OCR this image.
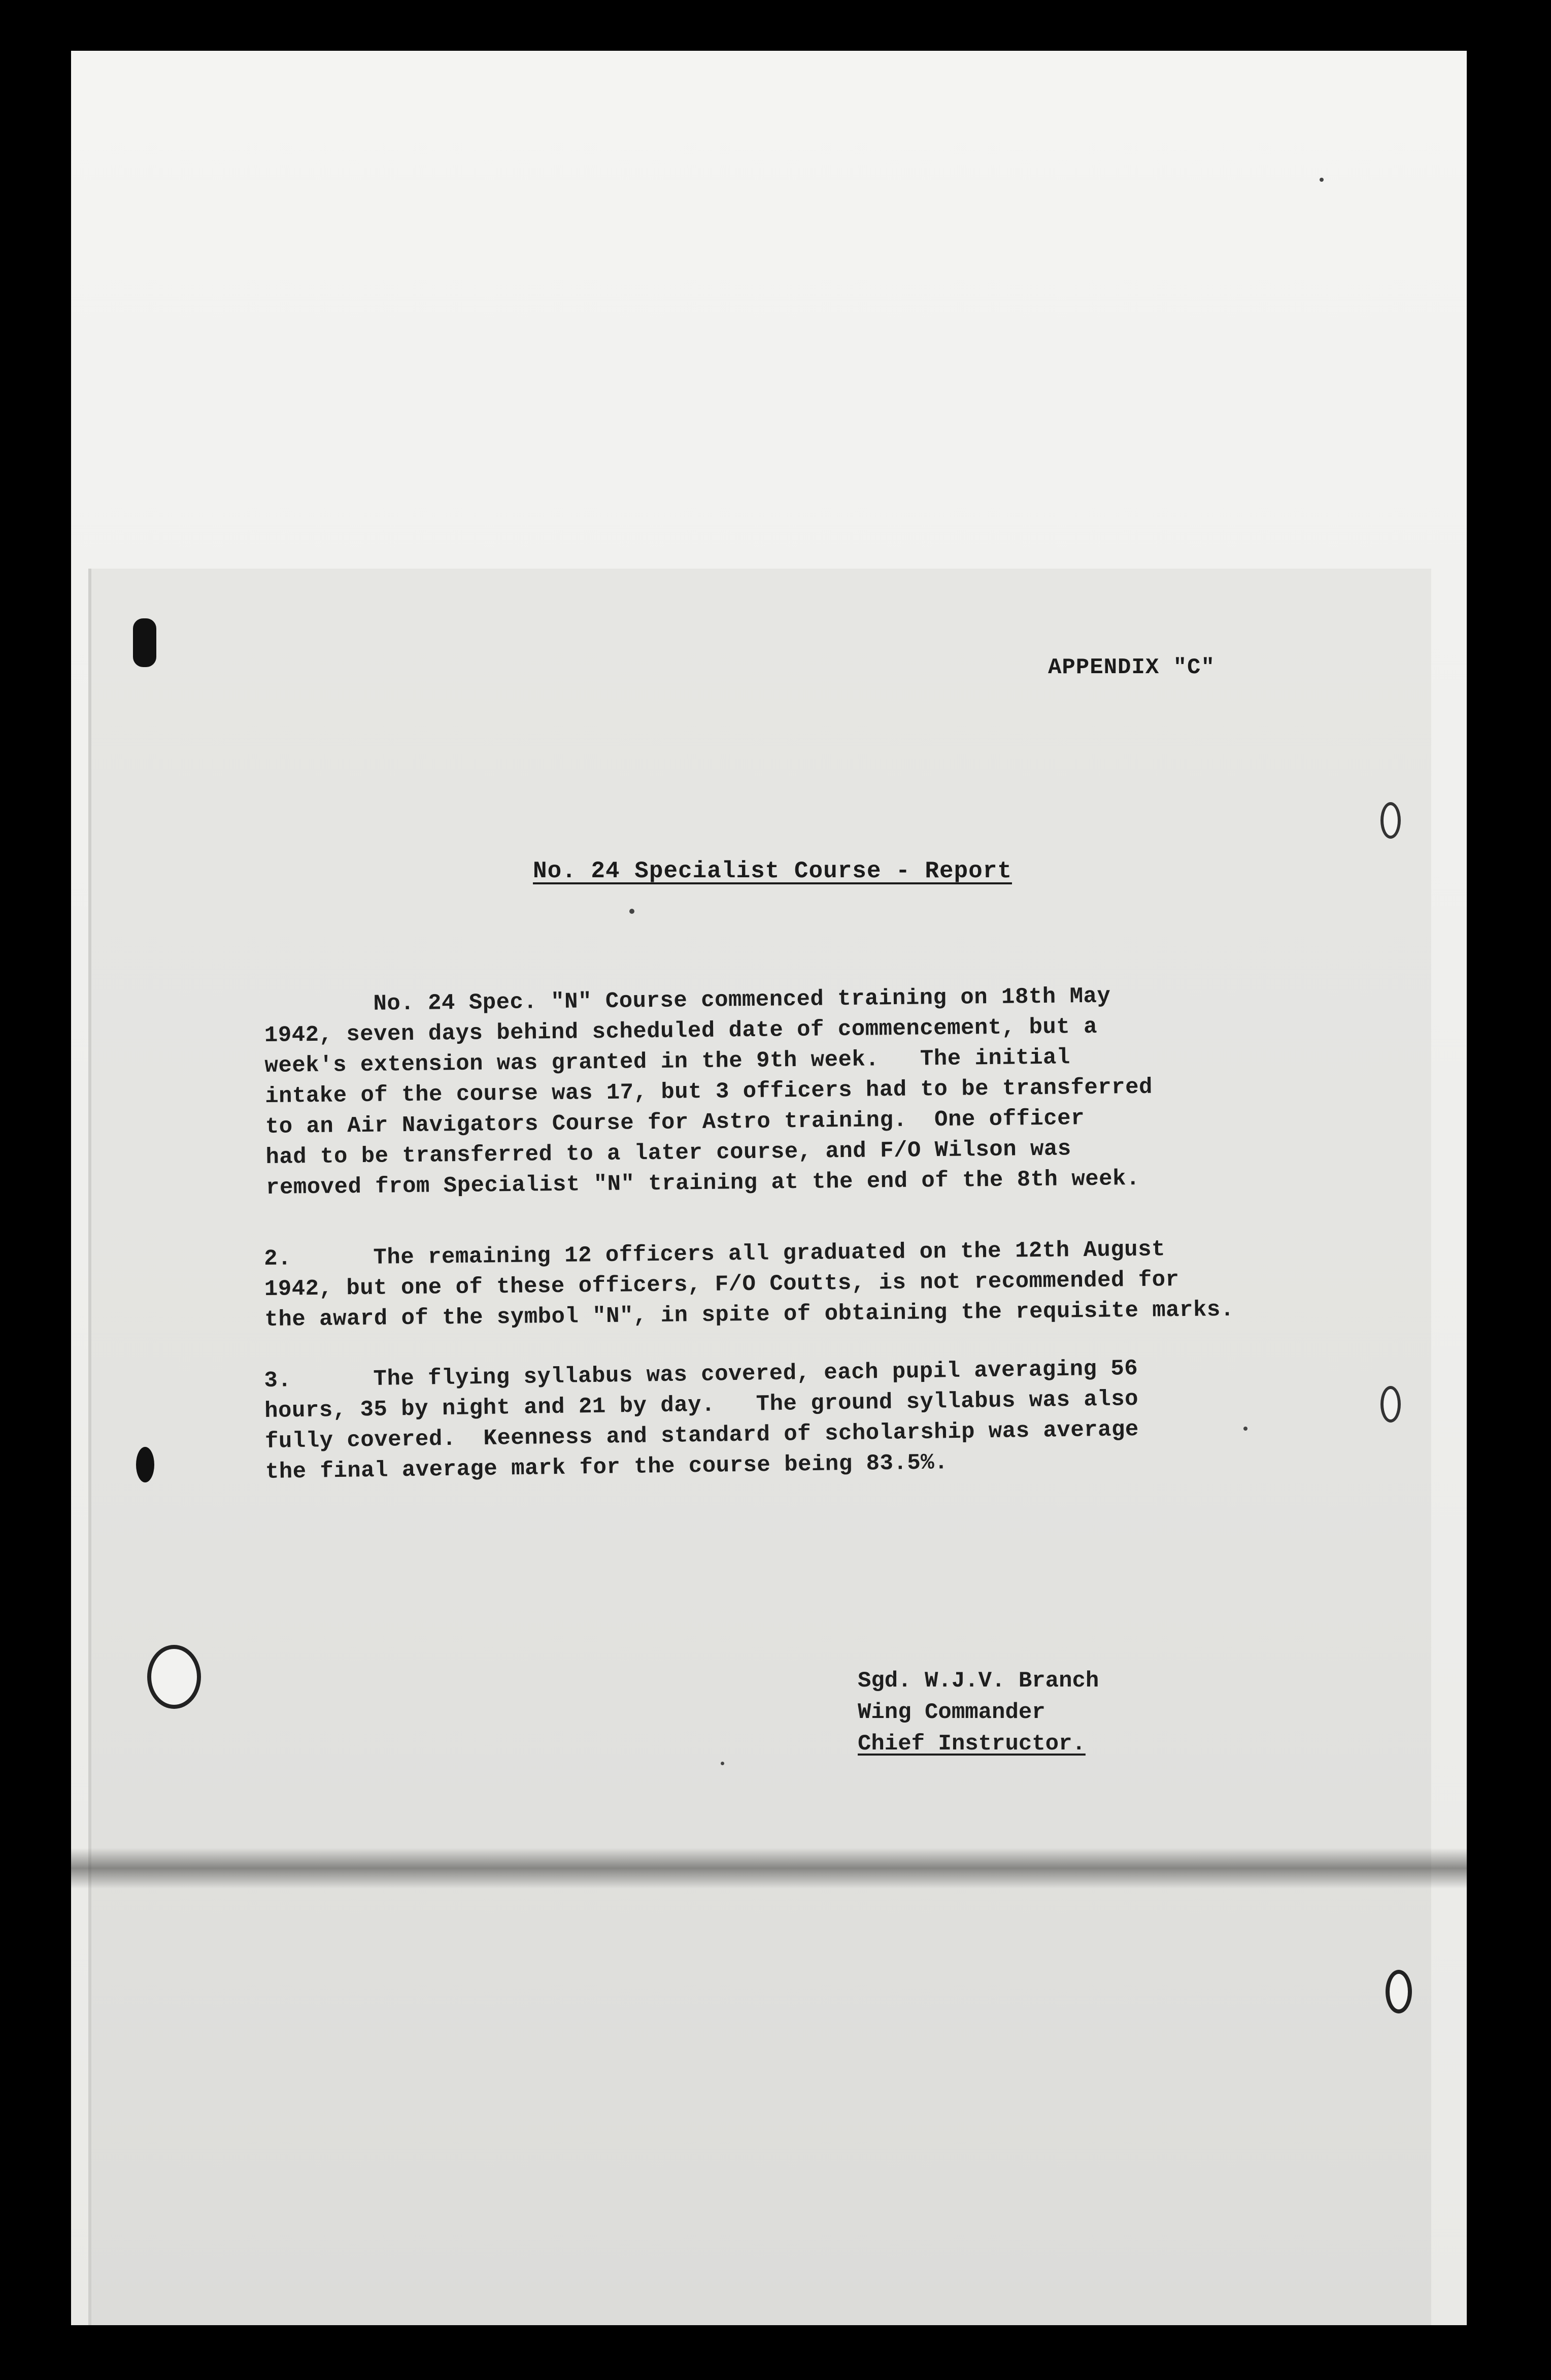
APPENDIX "C"
No. 24 Specialist Course - Report
No. 24 Spec. "N" Course commenced training on 18th May
1942, seven days behind scheduled date of commencement, but a
week's extension was granted in the 9th week.   The initial
intake of the course was 17, but 3 officers had to be transferred
to an Air Navigators Course for Astro training.  One officer
had to be transferred to a later course, and F/O Wilson was
removed from Specialist "N" training at the end of the 8th week.
2.      The remaining 12 officers all graduated on the 12th August
1942, but one of these officers, F/O Coutts, is not recommended for
the award of the symbol "N", in spite of obtaining the requisite marks.
3.      The flying syllabus was covered, each pupil averaging 56
hours, 35 by night and 21 by day.   The ground syllabus was also
fully covered.  Keenness and standard of scholarship was average
the final average mark for the course being 83.5%.
Sgd. W.J.V. Branch
Wing Commander
Chief Instructor.
